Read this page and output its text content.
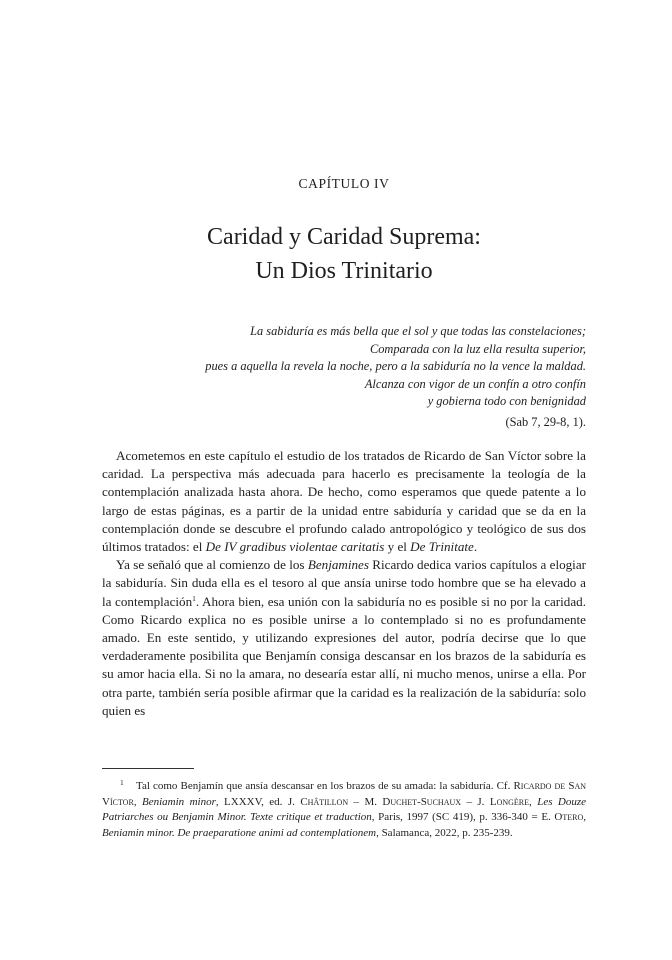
CAPÍTULO IV
Caridad y Caridad Suprema:
Un Dios Trinitario
La sabiduría es más bella que el sol y que todas las constelaciones;
Comparada con la luz ella resulta superior,
pues a aquella la revela la noche, pero a la sabiduría no la vence la maldad.
Alcanza con vigor de un confín a otro confín
y gobierna todo con benignidad
(Sab 7, 29-8, 1).

Acometemos en este capítulo el estudio de los tratados de Ricardo de San Víctor sobre la caridad. La perspectiva más adecuada para hacerlo es precisamente la teología de la contemplación analizada hasta ahora. De hecho, como esperamos que quede patente a lo largo de estas páginas, es a partir de la unidad entre sabiduría y caridad que se da en la contemplación donde se descubre el profundo calado antropológico y teológico de sus dos últimos tratados: el De IV gradibus violentae caritatis y el De Trinitate.

Ya se señaló que al comienzo de los Benjamines Ricardo dedica varios capítulos a elogiar la sabiduría. Sin duda ella es el tesoro al que ansía unirse todo hombre que se ha elevado a la contemplación$^1$. Ahora bien, esa unión con la sabiduría no es posible si no por la caridad. Como Ricardo explica no es posible unirse a lo contemplado si no es profundamente amado. En este sentido, y utilizando expresiones del autor, podría decirse que lo que verdaderamente posibilita que Benjamín consiga descansar en los brazos de la sabiduría es su amor hacia ella. Si no la amara, no desearía estar allí, ni mucho menos, unirse a ella. Por otra parte, también sería posible afirmar que la caridad es la realización de la sabiduría: solo quien es

1 Tal como Benjamín que ansía descansar en los brazos de su amada: la sabiduría. Cf. Ricardo de San Víctor, Beniamin minor, LXXXV, ed. J. Châtillon – M. Duchet-Suchaux – J. Longère, Les Douze Patriarches ou Benjamin Minor. Texte critique et traduction, Paris, 1997 (SC 419), p. 336-340 = E. Otero, Beniamin minor. De praeparatione animi ad contemplationem, Salamanca, 2022, p. 235-239.
